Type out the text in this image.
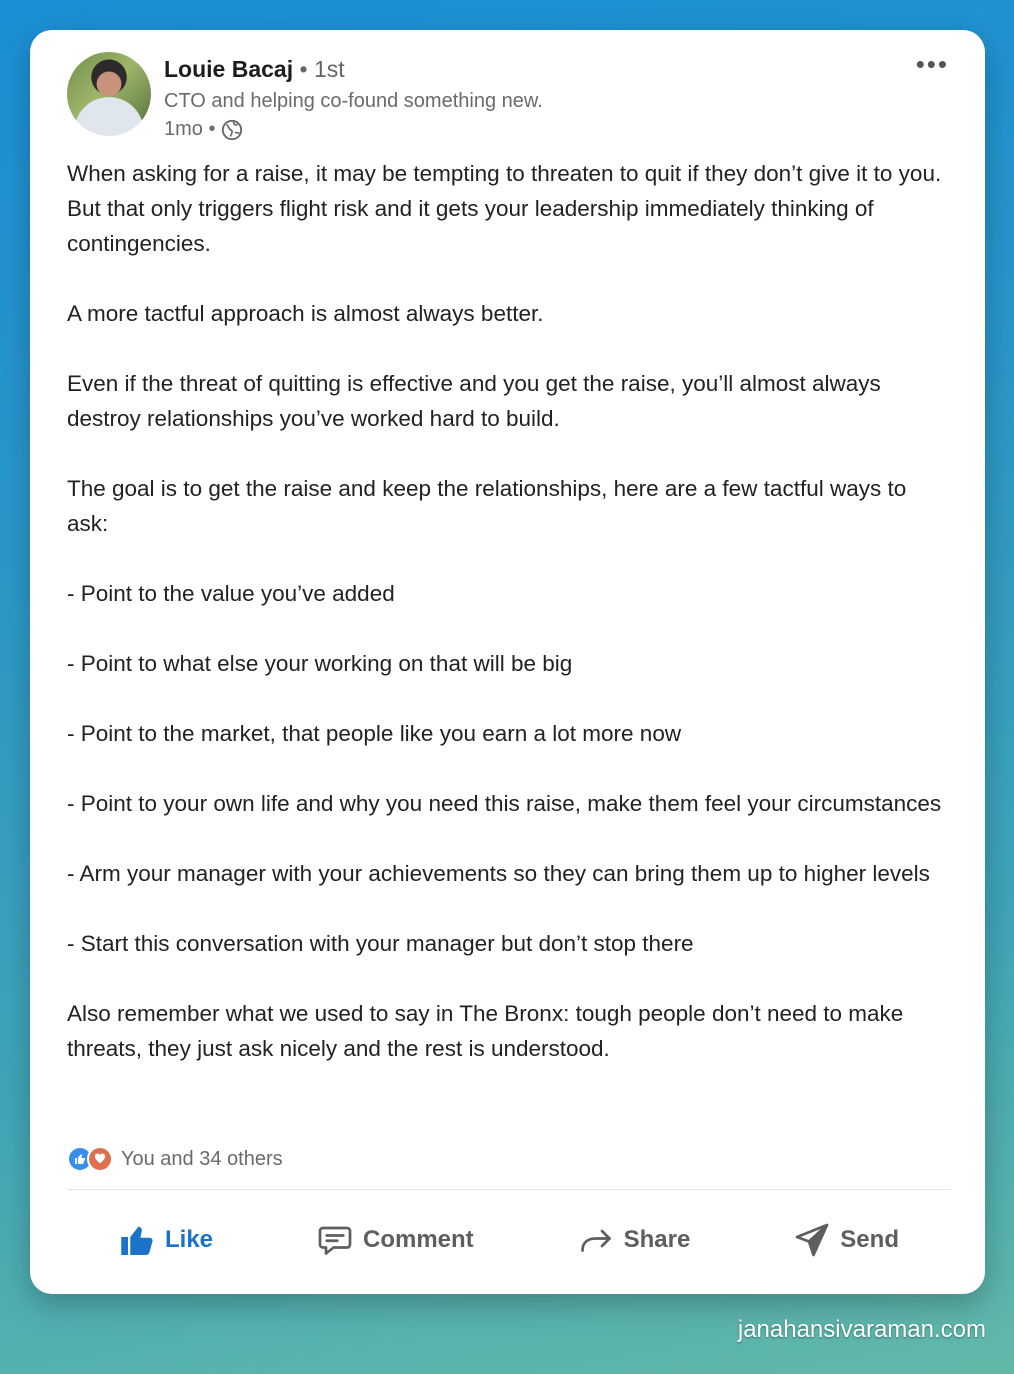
Louie Bacaj • 1st
CTO and helping co-found something new.
1mo •
•••

When asking for a raise, it may be tempting to threaten to quit if they don’t give it to you. But that only triggers flight risk and it gets your leadership immediately thinking of contingencies.

A more tactful approach is almost always better.

Even if the threat of quitting is effective and you get the raise, you’ll almost always destroy relationships you’ve worked hard to build.

The goal is to get the raise and keep the relationships, here are a few tactful ways to ask:

- Point to the value you’ve added

- Point to what else your working on that will be big

- Point to the market, that people like you earn a lot more now

- Point to your own life and why you need this raise, make them feel your circumstances

- Arm your manager with your achievements so they can bring them up to higher levels

- Start this conversation with your manager but don’t stop there

Also remember what we used to say in The Bronx: tough people don’t need to make threats, they just ask nicely and the rest is understood.

You and 34 others
Like	Comment	Share	Send
janahansivaraman.com
